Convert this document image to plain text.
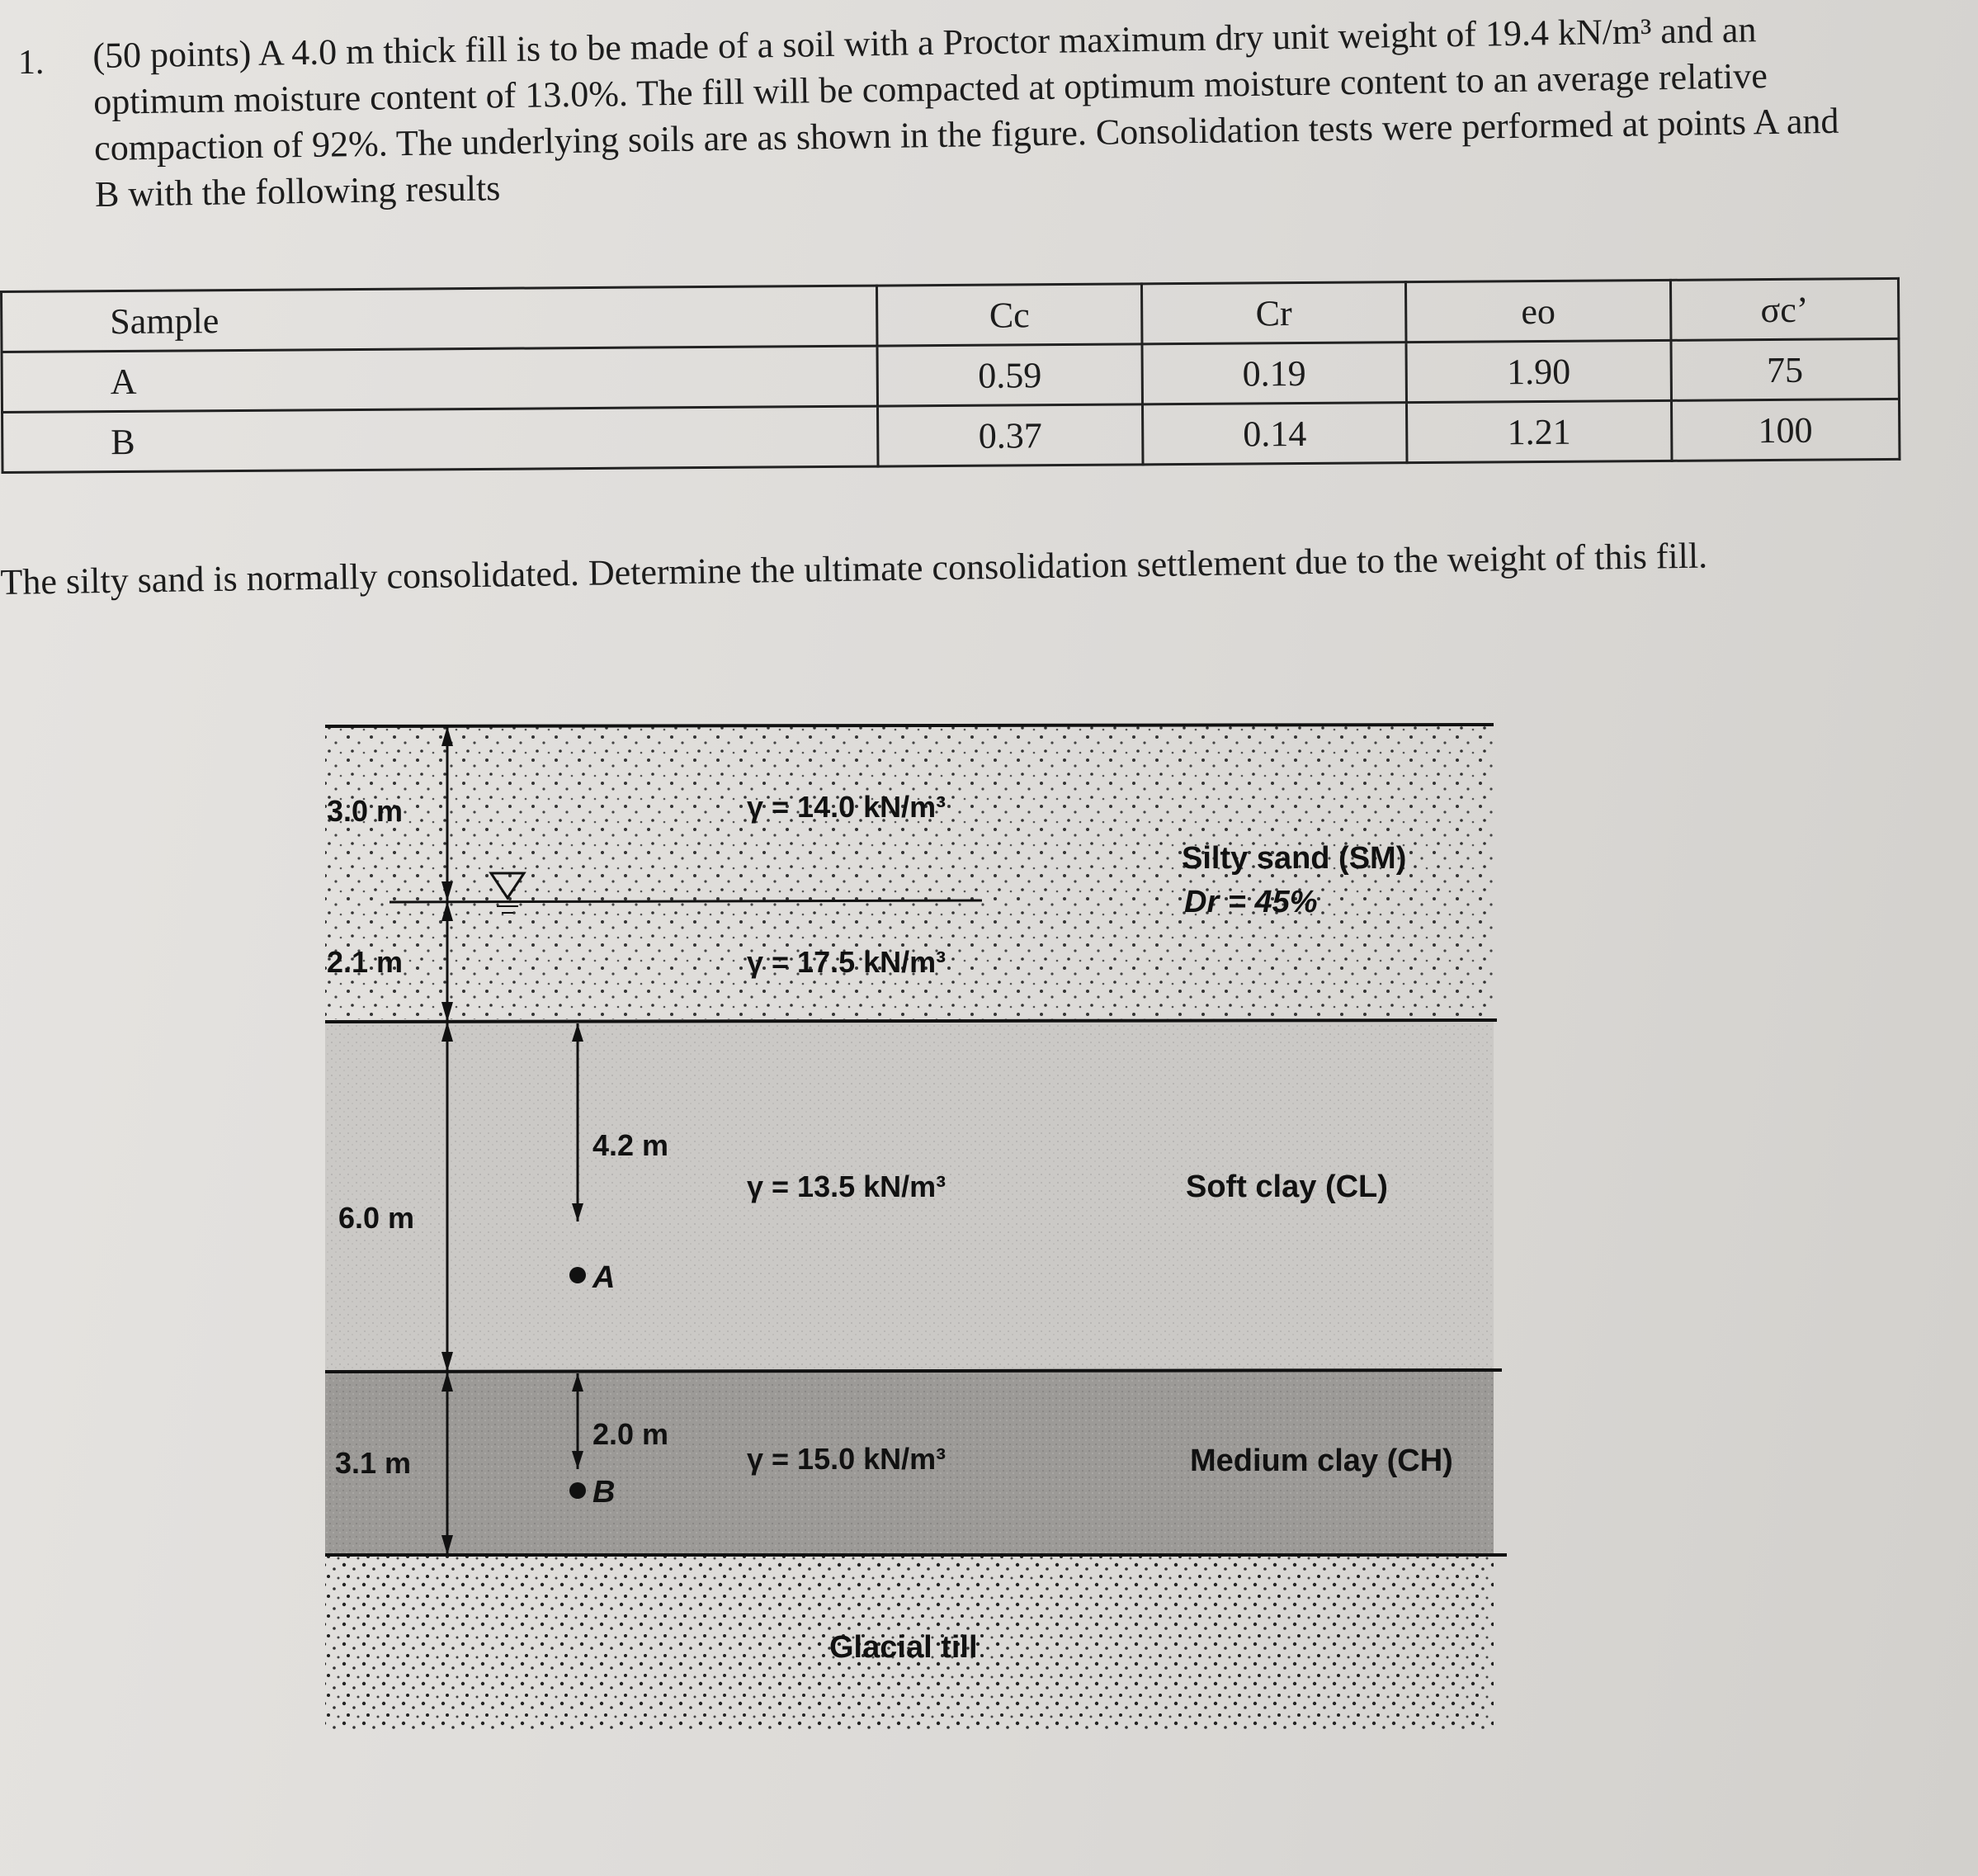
1. (50 points) A 4.0 m thick fill is to be made of a soil with a Proctor maximum dry unit weight of 19.4 kN/m³ and an optimum moisture content of 13.0%. The fill will be compacted at optimum moisture content to an average relative compaction of 92%. The underlying soils are as shown in the figure. Consolidation tests were performed at points A and B with the following results
Sample	Cc	Cr	eo	σc’
A	0.59	0.19	1.90	75
B	0.37	0.14	1.21	100
The silty sand is normally consolidated. Determine the ultimate consolidation settlement due to the weight of this fill.
3.0 m
2.1 m
6.0 m
3.1 m
4.2 m
A
2.0 m
B
γ = 14.0 kN/m³
γ = 17.5 kN/m³
γ = 13.5 kN/m³
γ = 15.0 kN/m³
Silty sand (SM)
Dr = 45%
Soft clay (CL)
Medium clay (CH)
Glacial till
